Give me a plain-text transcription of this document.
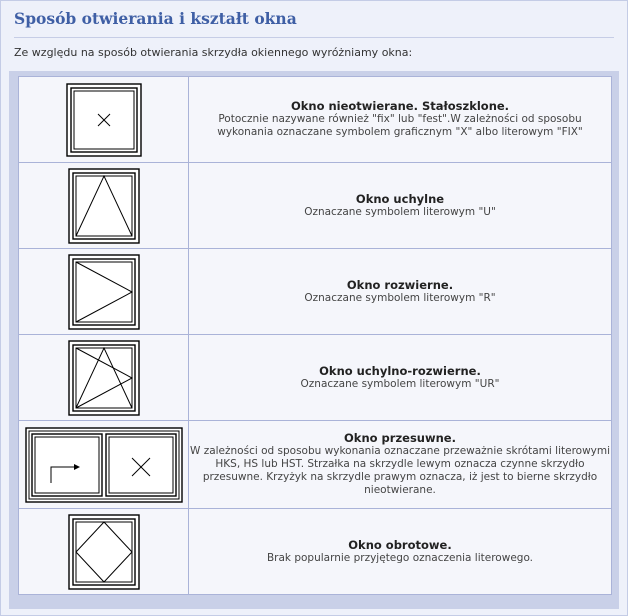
Sposób otwierania i kształt okna
Ze względu na sposób otwierania skrzydła okiennego wyróżniamy okna:

Okno nieotwierane. Stałoszklone.
Potocznie nazywane również "fix" lub "fest".W zależności od sposobu wykonania oznaczane symbolem graficznym "X" albo literowym "FIX"

Okno uchylne
Oznaczane symbolem literowym "U"

Okno rozwierne.
Oznaczane symbolem literowym "R"

Okno uchylno-rozwierne.
Oznaczane symbolem literowym "UR"

Okno przesuwne.
W zależności od sposobu wykonania oznaczane przeważnie skrótami literowymi HKS, HS lub HST. Strzałka na skrzydle lewym oznacza czynne skrzydło przesuwne. Krzyżyk na skrzydle prawym oznacza, iż jest to bierne skrzydło nieotwierane.

Okno obrotowe.
Brak popularnie przyjętego oznaczenia literowego.
